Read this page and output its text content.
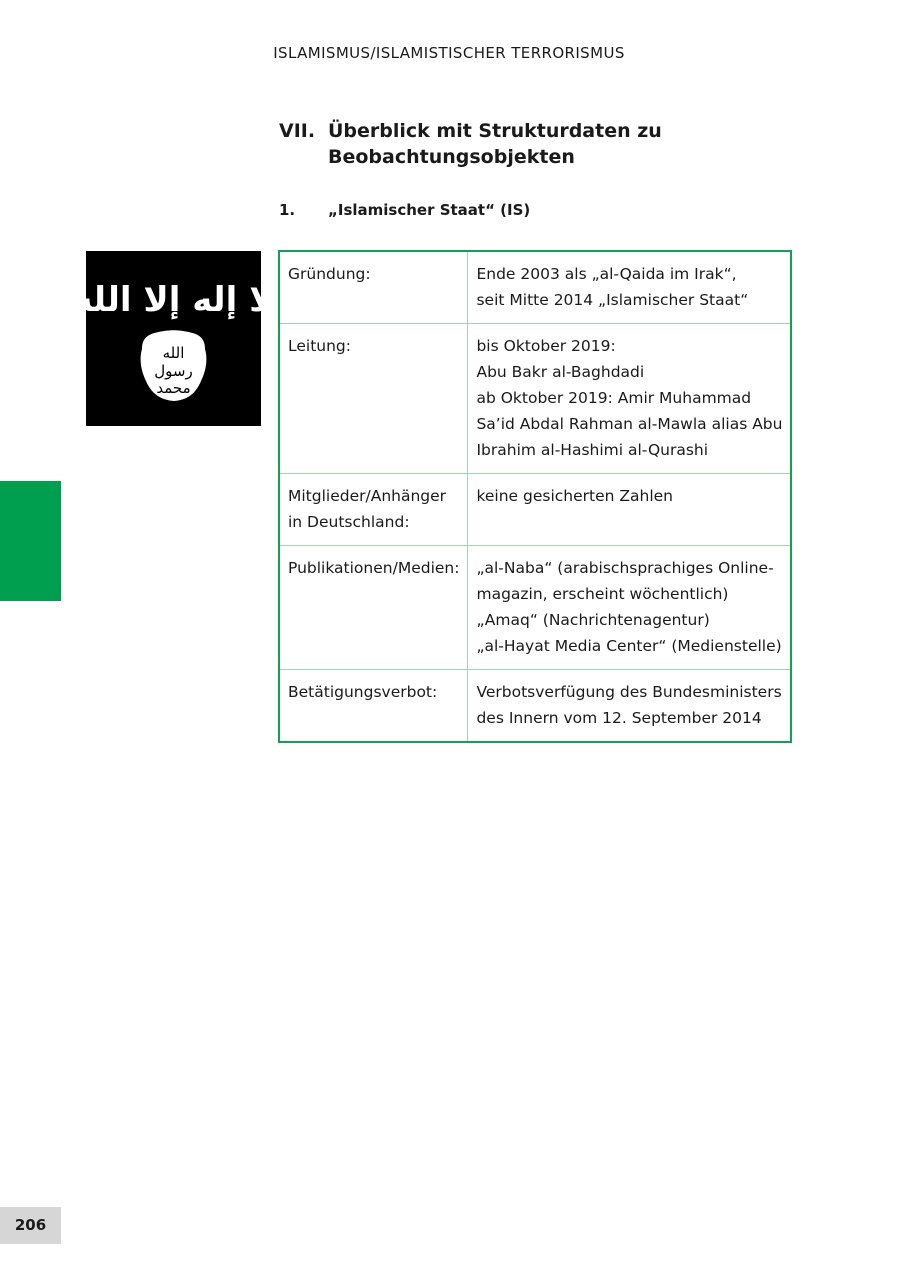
ISLAMISMUS/ISLAMISTISCHER TERRORISMUS
VII. Überblick mit Strukturdaten zu Beobachtungsobjekten
1. „Islamischer Staat“ (IS)
لا إله إلا الله
الله
رسول
محمد
Gründung:	Ende 2003 als „al-Qaida im Irak“,
seit Mitte 2014 „Islamischer Staat“

Leitung:	bis Oktober 2019:
Abu Bakr al-Baghdadi
ab Oktober 2019: Amir Muhammad
Sa’id Abdal Rahman al-Mawla alias Abu
Ibrahim al-Hashimi al-Qurashi

Mitglieder/Anhänger
in Deutschland:	keine gesicherten Zahlen

Publikationen/Medien:	„al-Naba“ (arabischsprachiges Online-
magazin, erscheint wöchentlich)
„Amaq“ (Nachrichtenagentur)
„al-Hayat Media Center“ (Medienstelle)

Betätigungsverbot:	Verbotsverfügung des Bundesministers
des Innern vom 12. September 2014
206
